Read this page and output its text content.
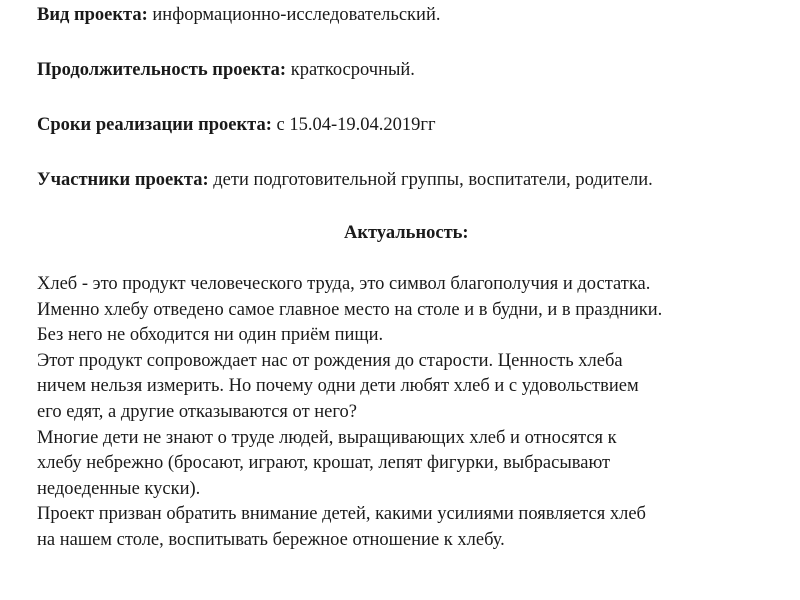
Вид проекта: информационно-исследовательский.
Продолжительность проекта: краткосрочный.
Сроки реализации проекта: с 15.04-19.04.2019гг
Участники проекта: дети подготовительной группы, воспитатели, родители.
Актуальность:

Хлеб - это продукт человеческого труда, это символ благополучия и достатка.
Именно хлебу отведено самое главное место на столе и в будни, и в праздники.
Без него не обходится ни один приём пищи.
Этот продукт сопровождает нас от рождения до старости. Ценность хлеба
ничем нельзя измерить. Но почему одни дети любят хлеб и с удовольствием
его едят, а другие отказываются от него?
Многие дети не знают о труде людей, выращивающих хлеб и относятся к
хлебу небрежно (бросают, играют, крошат, лепят фигурки, выбрасывают
недоеденные куски).
Проект призван обратить внимание детей, какими усилиями появляется хлеб
на нашем столе, воспитывать бережное отношение к хлебу.
